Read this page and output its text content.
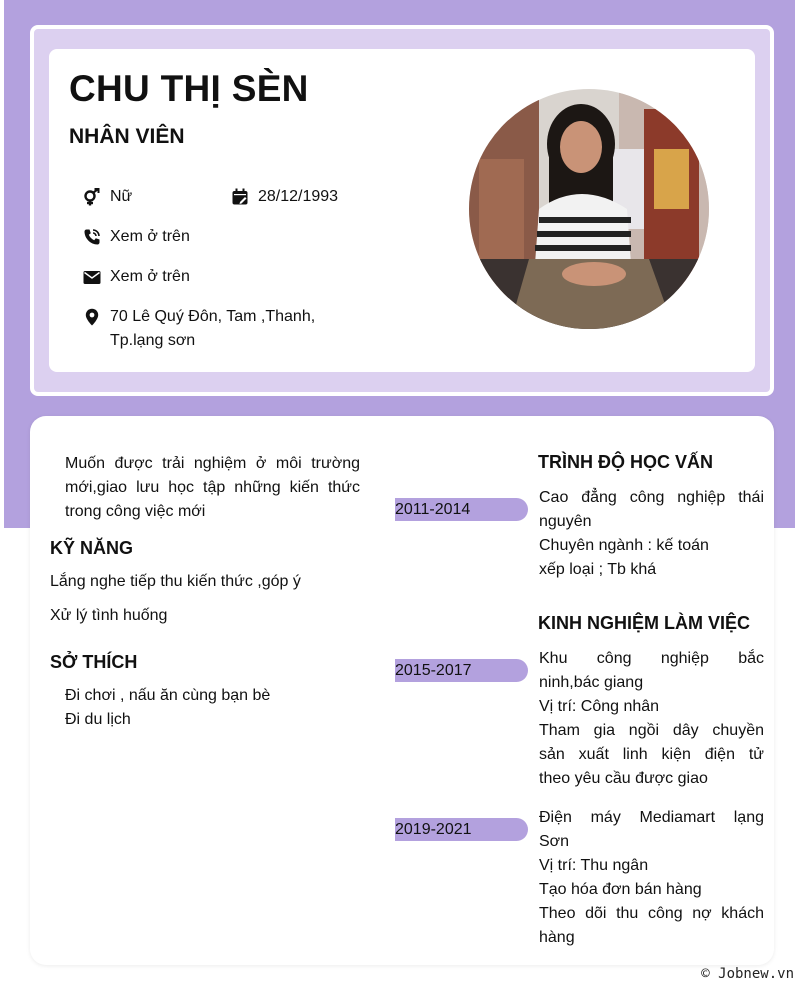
CHU THỊ SÈN
NHÂN VIÊN
Nữ	28/12/1993
Xem ở trên
Xem ở trên
70 Lê Quý Đôn, Tam ,Thanh,
Tp.lạng sơn

Muốn được trải nghiệm ở môi trường mới,giao lưu học tập những kiến thức trong công việc mới

KỸ NĂNG
Lắng nghe tiếp thu kiến thức ,góp ý
Xử lý tình huống
SỞ THÍCH
Đi chơi , nấu ăn cùng bạn bè
Đi du lịch
TRÌNH ĐỘ HỌC VẤN
2011-2014
Cao đẳng công nghiệp thái
nguyên
Chuyên ngành : kế toán
xếp loại ; Tb khá
KINH NGHIỆM LÀM VIỆC
2015-2017
Khu công nghiệp bắc
ninh,bác giang
Vị trí: Công nhân
Tham gia ngồi dây chuyền
sản xuất linh kiện điện tử
theo yêu cầu được giao
2019-2021
Điện máy Mediamart lạng
Sơn
Vị trí: Thu ngân
Tạo hóa đơn bán hàng
Theo dõi thu công nợ khách
hàng
© Jobnew.vn
